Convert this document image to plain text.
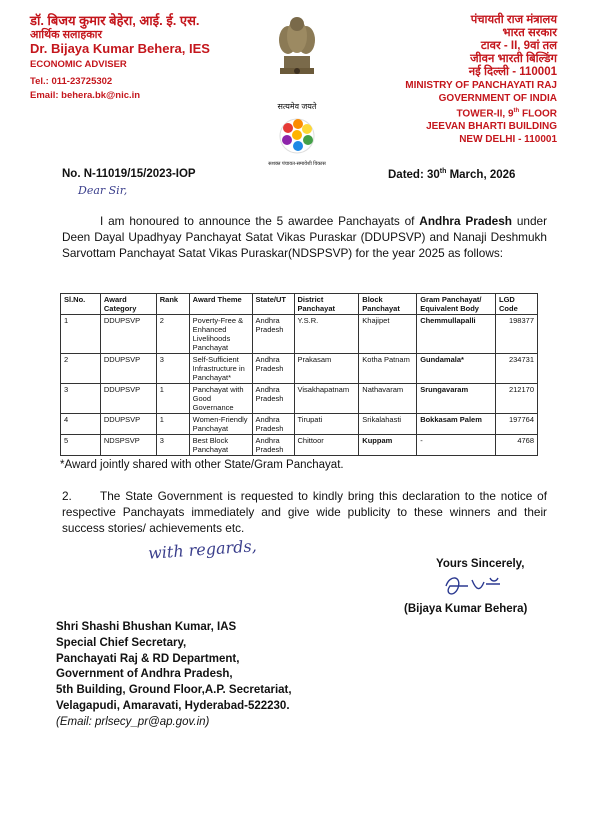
डॉ. बिजय कुमार बेहेरा, आई. ई. एस.
आर्थिक सलाहकार
Dr. Bijaya Kumar Behera, IES
ECONOMIC ADVISER
Tel.: 011-23725302
Email: behera.bk@nic.in
सत्यमेव जयते
सशक्त पंचायत-समावेशी विकास
पंचायती राज मंत्रालय
भारत सरकार
टावर - II, 9वां तल
जीवन भारती बिल्डिंग
नई दिल्ली - 110001
MINISTRY OF PANCHAYATI RAJ
GOVERNMENT OF INDIA
TOWER-II, 9th FLOOR
JEEVAN BHARTI BUILDING
NEW DELHI - 110001
No. N-11019/15/2023-IOP	Dated: 30th March, 2026
Dear Sir,
I am honoured to announce the 5 awardee Panchayats of Andhra Pradesh under Deen Dayal Upadhyay Panchayat Satat Vikas Puraskar (DDUPSVP) and Nanaji Deshmukh Sarvottam Panchayat Satat Vikas Puraskar(NDSPSVP) for the year 2025 as follows:
Sl.No.	Award Category	Rank	Award Theme	State/UT	District Panchayat	Block Panchayat	Gram Panchayat/ Equivalent Body	LGD Code
1	DDUPSVP	2	Poverty-Free & Enhanced Livelihoods Panchayat	Andhra Pradesh	Y.S.R.	Khajipet	Chemmullapalli	198377
2	DDUPSVP	3	Self-Sufficient Infrastructure in Panchayat*	Andhra Pradesh	Prakasam	Kotha Patnam	Gundamala*	234731
3	DDUPSVP	1	Panchayat with Good Governance	Andhra Pradesh	Visakhapatnam	Nathavaram	Srungavaram	212170
4	DDUPSVP	1	Women-Friendly Panchayat	Andhra Pradesh	Tirupati	Srikalahasti	Bokkasam Palem	197764
5	NDSPSVP	3	Best Block Panchayat	Andhra Pradesh	Chittoor	Kuppam	-	4768
*Award jointly shared with other State/Gram Panchayat.
2. The State Government is requested to kindly bring this declaration to the notice of respective Panchayats immediately and give wide publicity to these winners and their success stories/ achievements etc.
with regards,
Yours Sincerely,
(Bijaya Kumar Behera)
Shri Shashi Bhushan Kumar, IAS
Special Chief Secretary,
Panchayati Raj & RD Department,
Government of Andhra Pradesh,
5th Building, Ground Floor,A.P. Secretariat,
Velagapudi, Amaravati, Hyderabad-522230.
(Email: prlsecy_pr@ap.gov.in)
